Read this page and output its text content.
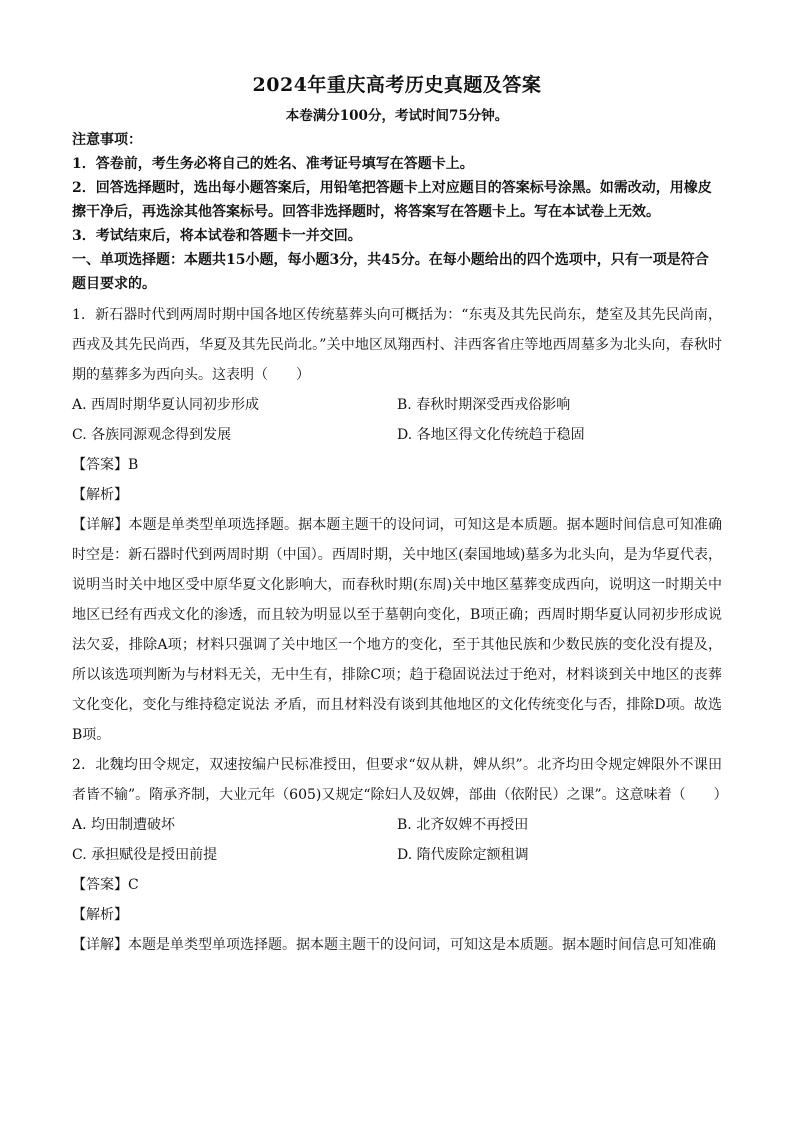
2024年重庆高考历史真题及答案
本卷满分100分，考试时间75分钟。
注意事项：
1．答卷前，考生务必将自己的姓名、准考证号填写在答题卡上。
2．回答选择题时，选出每小题答案后，用铅笔把答题卡上对应题目的答案标号涂黑。如需改动，用橡皮擦干净后，再选涂其他答案标号。回答非选择题时，将答案写在答题卡上。写在本试卷上无效。
3．考试结束后，将本试卷和答题卡一并交回。
一、单项选择题：本题共15小题，每小题3分，共45分。在每小题给出的四个选项中，只有一项是符合题目要求的。
1．新石器时代到两周时期中国各地区传统墓葬头向可概括为：“东夷及其先民尚东，楚室及其先民尚南，西戎及其先民尚西，华夏及其先民尚北。”关中地区凤翔西村、沣西客省庄等地西周墓多为北头向，春秋时期的墓葬多为西向头。这表明（　　）
A. 西周时期华夏认同初步形成	B. 春秋时期深受西戎俗影响
C. 各族同源观念得到发展	D. 各地区得文化传统趋于稳固
【答案】B
【解析】
【详解】本题是单类型单项选择题。据本题主题干的设问词，可知这是本质题。据本题时间信息可知准确时空是：新石器时代到两周时期（中国）。西周时期，关中地区(秦国地域)墓多为北头向，是为华夏代表，说明当时关中地区受中原华夏文化影响大，而春秋时期(东周)关中地区墓葬变成西向，说明这一时期关中地区已经有西戎文化的渗透，而且较为明显以至于墓朝向变化，B项正确；西周时期华夏认同初步形成说法欠妥，排除A项；材料只强调了关中地区一个地方的变化，至于其他民族和少数民族的变化没有提及，所以该选项判断为与材料无关，无中生有，排除C项；趋于稳固说法过于绝对，材料谈到关中地区的丧葬文化变化，变化与维持稳定说法 矛盾，而且材料没有谈到其他地区的文化传统变化与否，排除D项。故选B项。
2．北魏均田令规定，双速按编户民标准授田，但要求“奴从耕，婢从织”。北齐均田令规定婢限外不课田者皆不输”。隋承齐制，大业元年（605)又规定“除妇人及奴婢，部曲（依附民）之课”。这意味着（　　）
A. 均田制遭破坏	B. 北齐奴婢不再授田
C. 承担赋役是授田前提	D. 隋代废除定额租调
【答案】C
【解析】
【详解】本题是单类型单项选择题。据本题主题干的设问词，可知这是本质题。据本题时间信息可知准确
